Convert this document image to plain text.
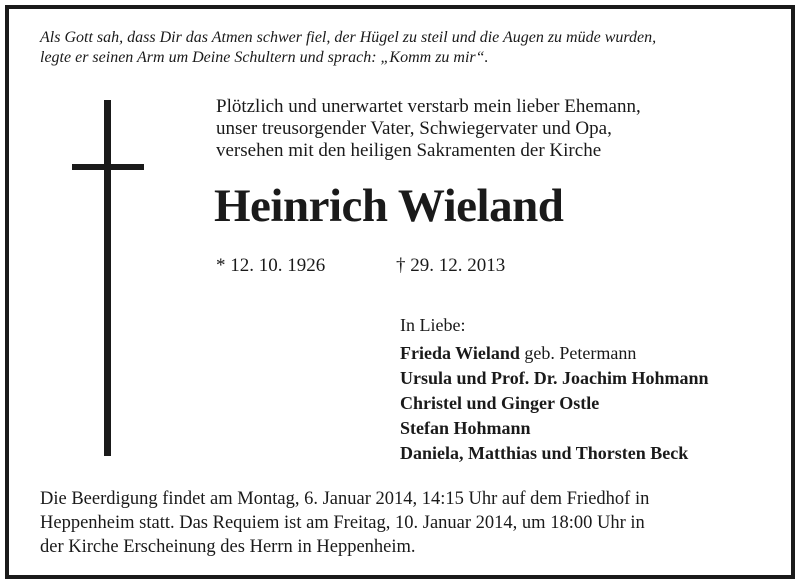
Als Gott sah, dass Dir das Atmen schwer fiel, der Hügel zu steil und die Augen zu müde wurden,
legte er seinen Arm um Deine Schultern und sprach: „Komm zu mir“.
Plötzlich und unerwartet verstarb mein lieber Ehemann,
unser treusorgender Vater, Schwiegervater und Opa,
versehen mit den heiligen Sakramenten der Kirche
Heinrich Wieland
* 12. 10. 1926	† 29. 12. 2013
In Liebe:
Frieda Wieland geb. Petermann
Ursula und Prof. Dr. Joachim Hohmann
Christel und Ginger Ostle
Stefan Hohmann
Daniela, Matthias und Thorsten Beck
Die Beerdigung findet am Montag, 6. Januar 2014, 14:15 Uhr auf dem Friedhof in
Heppenheim statt. Das Requiem ist am Freitag, 10. Januar 2014, um 18:00 Uhr in
der Kirche Erscheinung des Herrn in Heppenheim.
